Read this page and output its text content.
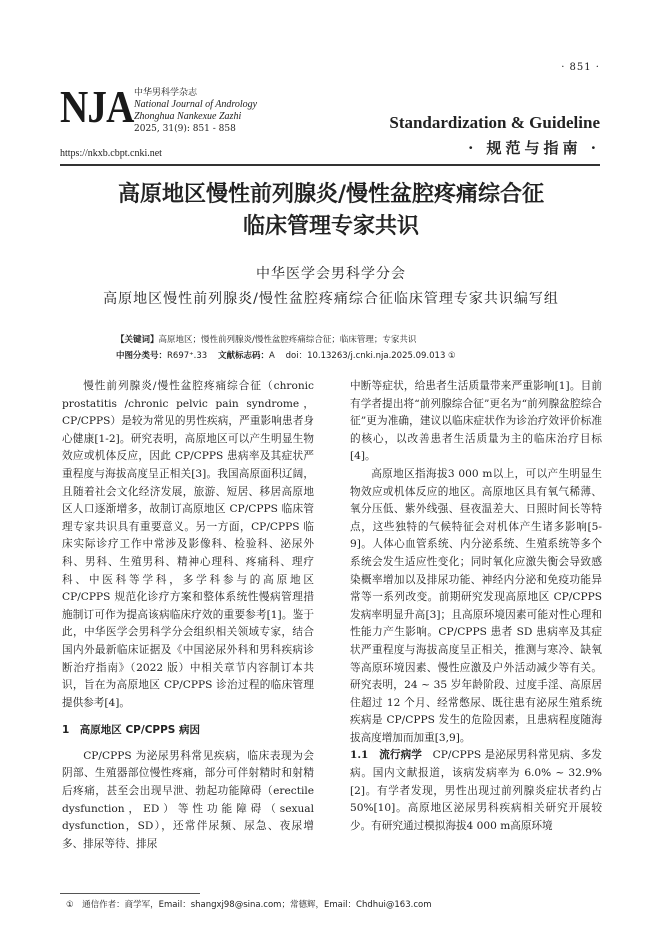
· 851 ·
NJA 中华男科学杂志
National Journal of Andrology
Zhonghua Nankexue Zazhi
2025, 31(9): 851 - 858
https://nkxb.cbpt.cnki.net
Standardization & Guideline
· 规范与指南 ·
高原地区慢性前列腺炎/慢性盆腔疼痛综合征
临床管理专家共识
中华医学会男科学分会
高原地区慢性前列腺炎/慢性盆腔疼痛综合征临床管理专家共识编写组
【关键词】高原地区；慢性前列腺炎/慢性盆腔疼痛综合征；临床管理；专家共识
中图分类号：R697⁺.33 文献标志码：A doi：10.13263/j.cnki.nja.2025.09.013 ①

慢性前列腺炎/慢性盆腔疼痛综合征（chronic prostatitis /chronic pelvic pain syndrome，CP/CPPS）是较为常见的男性疾病，严重影响患者身心健康[1-2]。研究表明，高原地区可以产生明显生物效应或机体反应，因此 CP/CPPS 患病率及其症状严重程度与海拔高度呈正相关[3]。我国高原面积辽阔，且随着社会文化经济发展，旅游、短居、移居高原地区人口逐渐增多，故制订高原地区 CP/CPPS 临床管理专家共识具有重要意义。另一方面，CP/CPPS 临床实际诊疗工作中常涉及影像科、检验科、泌尿外科、男科、生殖男科、精神心理科、疼痛科、理疗科、中医科等学科，多学科参与的高原地区 CP/CPPS 规范化诊疗方案和整体系统性慢病管理措施制订可作为提高该病临床疗效的重要参考[1]。鉴于此，中华医学会男科学分会组织相关领域专家，结合国内外最新临床证据及《中国泌尿外科和男科疾病诊断治疗指南》（2022 版）中相关章节内容制订本共识，旨在为高原地区 CP/CPPS 诊治过程的临床管理提供参考[4]。

1　高原地区 CP/CPPS 病因

CP/CPPS 为泌尿男科常见疾病，临床表现为会阴部、生殖器部位慢性疼痛，部分可伴射精时和射精后疼痛，甚至会出现早泄、勃起功能障碍（erectile dysfunction，ED）等性功能障碍（sexual dysfunction，SD），还常伴尿频、尿急、夜尿增多、排尿等待、排尿

中断等症状，给患者生活质量带来严重影响[1]。目前有学者提出将“前列腺综合征”更名为“前列腺盆腔综合征”更为准确，建议以临床症状作为诊治疗效评价标准的核心，以改善患者生活质量为主的临床治疗目标[4]。

高原地区指海拔3 000 m以上，可以产生明显生物效应或机体反应的地区。高原地区具有氧气稀薄、氧分压低、紫外线强、昼夜温差大、日照时间长等特点，这些独特的气候特征会对机体产生诸多影响[5-9]。人体心血管系统、内分泌系统、生殖系统等多个系统会发生适应性变化；同时氧化应激失衡会导致感染概率增加以及排尿功能、神经内分泌和免疫功能异常等一系列改变。前期研究发现高原地区 CP/CPPS 发病率明显升高[3]；且高原环境因素可能对性心理和性能力产生影响。CP/CPPS 患者 SD 患病率及其症状严重程度与海拔高度呈正相关，推测与寒冷、缺氧等高原环境因素、慢性应激及户外活动减少等有关。研究表明，24 ~ 35 岁年龄阶段、过度手淫、高原居住超过 12 个月、经常憋尿、既往患有泌尿生殖系统疾病是 CP/CPPS 发生的危险因素，且患病程度随海拔高度增加而加重[3,9]。

1.1　流行病学　 CP/CPPS 是泌尿男科常见病、多发病。国内文献报道，该病发病率为 6.0% ~ 32.9%[2]。有学者发现，男性出现过前列腺炎症状者约占 50%[10]。高原地区泌尿男科疾病相关研究开展较少。有研究通过模拟海拔4 000 m高原环境

①　通信作者：商学军，Email：shangxj98@sina.com；常德辉，Email：Chdhui@163.com
